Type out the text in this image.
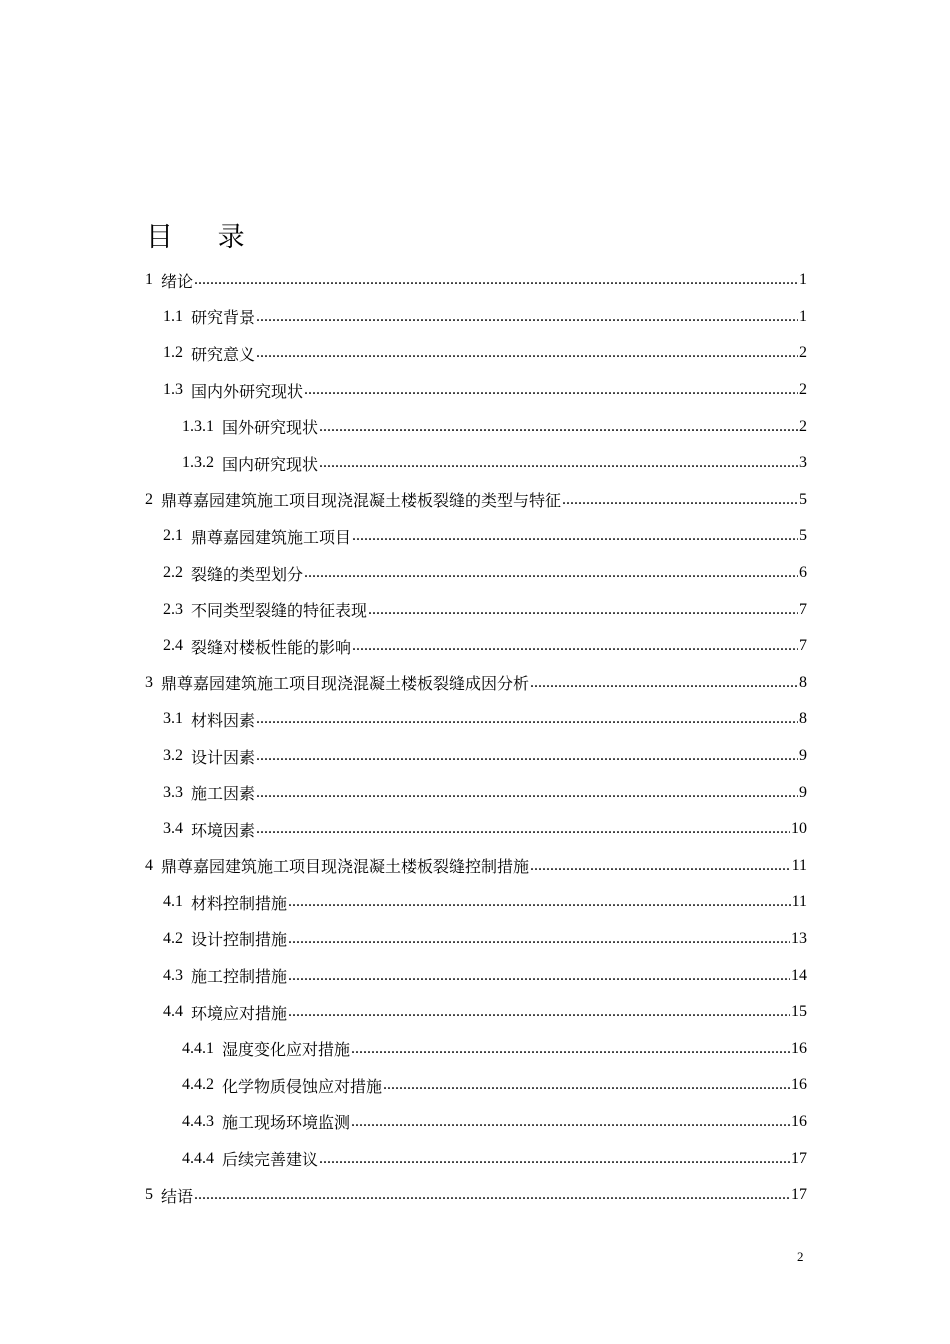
目 录
1 绪论 .....	1
1.1 研究背景 .....	1
1.2 研究意义 .....	2
1.3 国内外研究现状 .....	2
1.3.1 国外研究现状 .....	2
1.3.2 国内研究现状 .....	3
2 鼎尊嘉园建筑施工项目现浇混凝土楼板裂缝的类型与特征 .....	5
2.1 鼎尊嘉园建筑施工项目 .....	5
2.2 裂缝的类型划分 .....	6
2.3 不同类型裂缝的特征表现 .....	7
2.4 裂缝对楼板性能的影响 .....	7
3 鼎尊嘉园建筑施工项目现浇混凝土楼板裂缝成因分析 .....	8
3.1 材料因素 .....	8
3.2 设计因素 .....	9
3.3 施工因素 .....	9
3.4 环境因素 .....	10
4 鼎尊嘉园建筑施工项目现浇混凝土楼板裂缝控制措施 .....	11
4.1 材料控制措施 .....	11
4.2 设计控制措施 .....	13
4.3 施工控制措施 .....	14
4.4 环境应对措施 .....	15
4.4.1 湿度变化应对措施 .....	16
4.4.2 化学物质侵蚀应对措施 .....	16
4.4.3 施工现场环境监测 .....	16
4.4.4 后续完善建议 .....	17
5 结语 .....	17
2
